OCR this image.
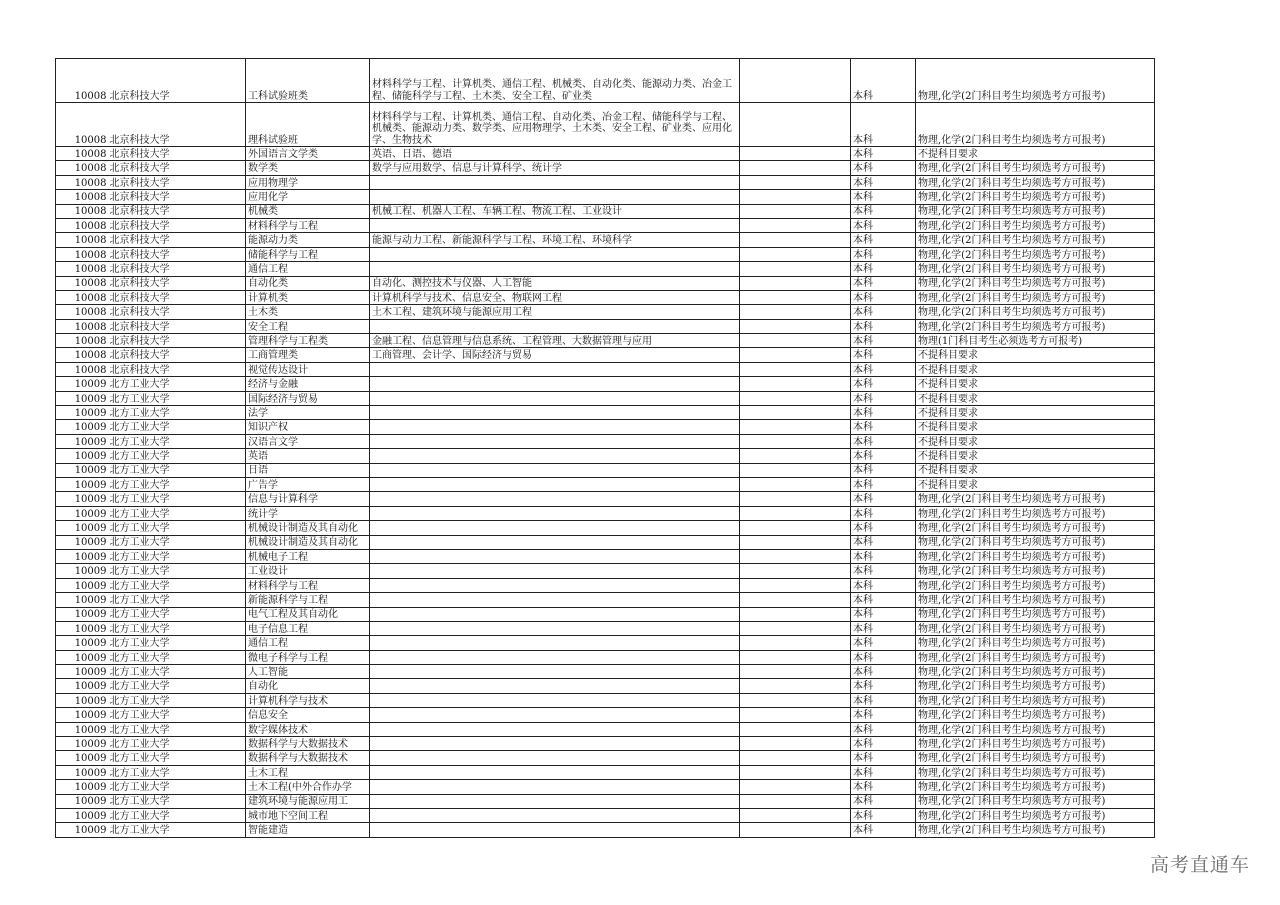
10008	北京科技大学	工科试验班类	材料科学与工程、计算机类、通信工程、机械类、自动化类、能源动力类、冶金工程、储能科学与工程、土木类、安全工程、矿业类		本科	物理,化学(2门科目考生均须选考方可报考)
10008	北京科技大学	理科试验班	材料科学与工程、计算机类、通信工程、自动化类、冶金工程、储能科学与工程、机械类、能源动力类、数学类、应用物理学、土木类、安全工程、矿业类、应用化学、生物技术		本科	物理,化学(2门科目考生均须选考方可报考)
10008	北京科技大学	外国语言文学类	英语、日语、德语		本科	不提科目要求
10008	北京科技大学	数学类	数学与应用数学、信息与计算科学、统计学		本科	物理,化学(2门科目考生均须选考方可报考)
10008	北京科技大学	应用物理学			本科	物理,化学(2门科目考生均须选考方可报考)
10008	北京科技大学	应用化学			本科	物理,化学(2门科目考生均须选考方可报考)
10008	北京科技大学	机械类	机械工程、机器人工程、车辆工程、物流工程、工业设计		本科	物理,化学(2门科目考生均须选考方可报考)
10008	北京科技大学	材料科学与工程			本科	物理,化学(2门科目考生均须选考方可报考)
10008	北京科技大学	能源动力类	能源与动力工程、新能源科学与工程、环境工程、环境科学		本科	物理,化学(2门科目考生均须选考方可报考)
10008	北京科技大学	储能科学与工程			本科	物理,化学(2门科目考生均须选考方可报考)
10008	北京科技大学	通信工程			本科	物理,化学(2门科目考生均须选考方可报考)
10008	北京科技大学	自动化类	自动化、测控技术与仪器、人工智能		本科	物理,化学(2门科目考生均须选考方可报考)
10008	北京科技大学	计算机类	计算机科学与技术、信息安全、物联网工程		本科	物理,化学(2门科目考生均须选考方可报考)
10008	北京科技大学	土木类	土木工程、建筑环境与能源应用工程		本科	物理,化学(2门科目考生均须选考方可报考)
10008	北京科技大学	安全工程			本科	物理,化学(2门科目考生均须选考方可报考)
10008	北京科技大学	管理科学与工程类	金融工程、信息管理与信息系统、工程管理、大数据管理与应用		本科	物理(1门科目考生必须选考方可报考)
10008	北京科技大学	工商管理类	工商管理、会计学、国际经济与贸易		本科	不提科目要求
10008	北京科技大学	视觉传达设计			本科	不提科目要求
10009	北方工业大学	经济与金融			本科	不提科目要求
10009	北方工业大学	国际经济与贸易			本科	不提科目要求
10009	北方工业大学	法学			本科	不提科目要求
10009	北方工业大学	知识产权			本科	不提科目要求
10009	北方工业大学	汉语言文学			本科	不提科目要求
10009	北方工业大学	英语			本科	不提科目要求
10009	北方工业大学	日语			本科	不提科目要求
10009	北方工业大学	广告学			本科	不提科目要求
10009	北方工业大学	信息与计算科学			本科	物理,化学(2门科目考生均须选考方可报考)
10009	北方工业大学	统计学			本科	物理,化学(2门科目考生均须选考方可报考)
10009	北方工业大学	机械设计制造及其自动化			本科	物理,化学(2门科目考生均须选考方可报考)
10009	北方工业大学	机械设计制造及其自动化			本科	物理,化学(2门科目考生均须选考方可报考)
10009	北方工业大学	机械电子工程			本科	物理,化学(2门科目考生均须选考方可报考)
10009	北方工业大学	工业设计			本科	物理,化学(2门科目考生均须选考方可报考)
10009	北方工业大学	材料科学与工程			本科	物理,化学(2门科目考生均须选考方可报考)
10009	北方工业大学	新能源科学与工程			本科	物理,化学(2门科目考生均须选考方可报考)
10009	北方工业大学	电气工程及其自动化			本科	物理,化学(2门科目考生均须选考方可报考)
10009	北方工业大学	电子信息工程			本科	物理,化学(2门科目考生均须选考方可报考)
10009	北方工业大学	通信工程			本科	物理,化学(2门科目考生均须选考方可报考)
10009	北方工业大学	微电子科学与工程			本科	物理,化学(2门科目考生均须选考方可报考)
10009	北方工业大学	人工智能			本科	物理,化学(2门科目考生均须选考方可报考)
10009	北方工业大学	自动化			本科	物理,化学(2门科目考生均须选考方可报考)
10009	北方工业大学	计算机科学与技术			本科	物理,化学(2门科目考生均须选考方可报考)
10009	北方工业大学	信息安全			本科	物理,化学(2门科目考生均须选考方可报考)
10009	北方工业大学	数字媒体技术			本科	物理,化学(2门科目考生均须选考方可报考)
10009	北方工业大学	数据科学与大数据技术			本科	物理,化学(2门科目考生均须选考方可报考)
10009	北方工业大学	数据科学与大数据技术			本科	物理,化学(2门科目考生均须选考方可报考)
10009	北方工业大学	土木工程			本科	物理,化学(2门科目考生均须选考方可报考)
10009	北方工业大学	土木工程(中外合作办学			本科	物理,化学(2门科目考生均须选考方可报考)
10009	北方工业大学	建筑环境与能源应用工			本科	物理,化学(2门科目考生均须选考方可报考)
10009	北方工业大学	城市地下空间工程			本科	物理,化学(2门科目考生均须选考方可报考)
10009	北方工业大学	智能建造			本科	物理,化学(2门科目考生均须选考方可报考)
高考直通车
